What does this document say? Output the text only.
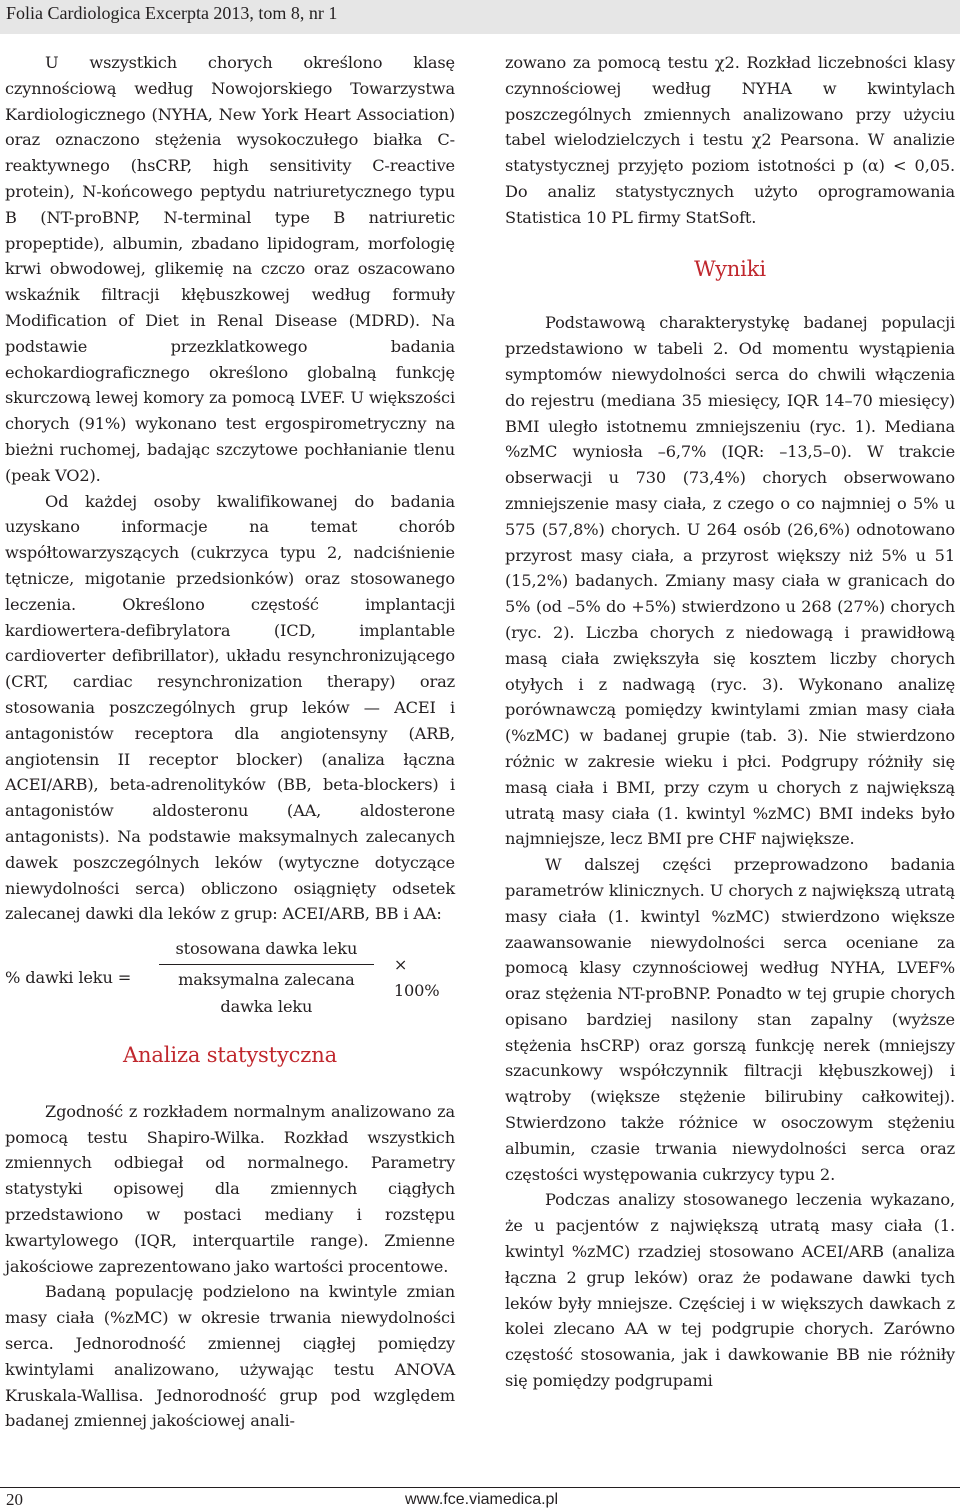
Folia Cardiologica Excerpta 2013, tom 8, nr 1

U wszystkich chorych określono klasę czynnościową według Nowojorskiego Towarzystwa Kardiologicznego (NYHA, New York Heart Association) oraz oznaczono stężenia wysokoczułego białka C-reaktywnego (hsCRP, high sensitivity C-reactive protein), N-końcowego peptydu natriuretycznego typu B (NT-proBNP, N-terminal type B natriuretic propeptide), albumin, zbadano lipidogram, morfologię krwi obwodowej, glikemię na czczo oraz oszacowano wskaźnik filtracji kłębuszkowej według formuły Modification of Diet in Renal Disease (MDRD). Na podstawie przezklatkowego badania echokardiograficznego określono globalną funkcję skurczową lewej komory za pomocą LVEF. U większości chorych (91%) wykonano test ergospirometryczny na bieżni ruchomej, badając szczytowe pochłanianie tlenu (peak VO2).

Od każdej osoby kwalifikowanej do badania uzyskano informacje na temat chorób współtowarzyszących (cukrzyca typu 2, nadciśnienie tętnicze, migotanie przedsionków) oraz stosowanego leczenia. Określono częstość implantacji kardiowertera-defibrylatora (ICD, implantable cardioverter defibrillator), układu resynchronizującego (CRT, cardiac resynchronization therapy) oraz stosowania poszczególnych grup leków — ACEI i antagonistów receptora dla angiotensyny (ARB, angiotensin II receptor blocker) (analiza łączna ACEI/ARB), beta-adrenolityków (BB, beta-blockers) i antagonistów aldosteronu (AA, aldosterone antagonists). Na podstawie maksymalnych zalecanych dawek poszczególnych leków (wytyczne dotyczące niewydolności serca) obliczono osiągnięty odsetek zalecanej dawki dla leków z grup: ACEI/ARB, BB i AA:

% dawki leku =
stosowana dawka leku
maksymalna zalecana
dawka leku
× 100%
Analiza statystyczna

Zgodność z rozkładem normalnym analizowano za pomocą testu Shapiro-Wilka. Rozkład wszystkich zmiennych odbiegał od normalnego. Parametry statystyki opisowej dla zmiennych ciągłych przedstawiono w postaci mediany i rozstępu kwartylowego (IQR, interquartile range). Zmienne jakościowe zaprezentowano jako wartości procentowe.

Badaną populację podzielono na kwintyle zmian masy ciała (%zMC) w okresie trwania niewydolności serca. Jednorodność zmiennej ciągłej pomiędzy kwintylami analizowano, używając testu ANOVA Kruskala-Wallisa. Jednorodność grup pod względem badanej zmiennej jakościowej anali-

zowano za pomocą testu χ2. Rozkład liczebności klasy czynnościowej według NYHA w kwintylach poszczególnych zmiennych analizowano przy użyciu tabel wielodzielczych i testu χ2 Pearsona. W analizie statystycznej przyjęto poziom istotności p (α) < 0,05. Do analiz statystycznych użyto oprogramowania Statistica 10 PL firmy StatSoft.

Wyniki

Podstawową charakterystykę badanej populacji przedstawiono w tabeli 2. Od momentu wystąpienia symptomów niewydolności serca do chwili włączenia do rejestru (mediana 35 miesięcy, IQR 14–70 miesięcy) BMI uległo istotnemu zmniejszeniu (ryc. 1). Mediana %zMC wyniosła –6,7% (IQR: –13,5–0). W trakcie obserwacji u 730 (73,4%) chorych obserwowano zmniejszenie masy ciała, z czego o co najmniej o 5% u 575 (57,8%) chorych. U 264 osób (26,6%) odnotowano przyrost masy ciała, a przyrost większy niż 5% u 51 (15,2%) badanych. Zmiany masy ciała w granicach do 5% (od –5% do +5%) stwierdzono u 268 (27%) chorych (ryc. 2). Liczba chorych z niedowagą i prawidłową masą ciała zwiększyła się kosztem liczby chorych otyłych i z nadwagą (ryc. 3). Wykonano analizę porównawczą pomiędzy kwintylami zmian masy ciała (%zMC) w badanej grupie (tab. 3). Nie stwierdzono różnic w zakresie wieku i płci. Podgrupy różniły się masą ciała i BMI, przy czym u chorych z największą utratą masy ciała (1. kwintyl %zMC) BMI indeks było najmniejsze, lecz BMI pre CHF największe.

W dalszej części przeprowadzono badania parametrów klinicznych. U chorych z największą utratą masy ciała (1. kwintyl %zMC) stwierdzono większe zaawansowanie niewydolności serca oceniane za pomocą klasy czynnościowej według NYHA, LVEF% oraz stężenia NT-proBNP. Ponadto w tej grupie chorych opisano bardziej nasilony stan zapalny (wyższe stężenia hsCRP) oraz gorszą funkcję nerek (mniejszy szacunkowy współczynnik filtracji kłębuszkowej) i wątroby (większe stężenie bilirubiny całkowitej). Stwierdzono także różnice w osoczowym stężeniu albumin, czasie trwania niewydolności serca oraz częstości występowania cukrzycy typu 2.

Podczas analizy stosowanego leczenia wykazano, że u pacjentów z największą utratą masy ciała (1. kwintyl %zMC) rzadziej stosowano ACEI/ARB (analiza łączna 2 grup leków) oraz że podawane dawki tych leków były mniejsze. Częściej i w większych dawkach z kolei zlecano AA w tej podgrupie chorych. Zarówno częstość stosowania, jak i dawkowanie BB nie różniły się pomiędzy podgrupami

20	www.fce.viamedica.pl
